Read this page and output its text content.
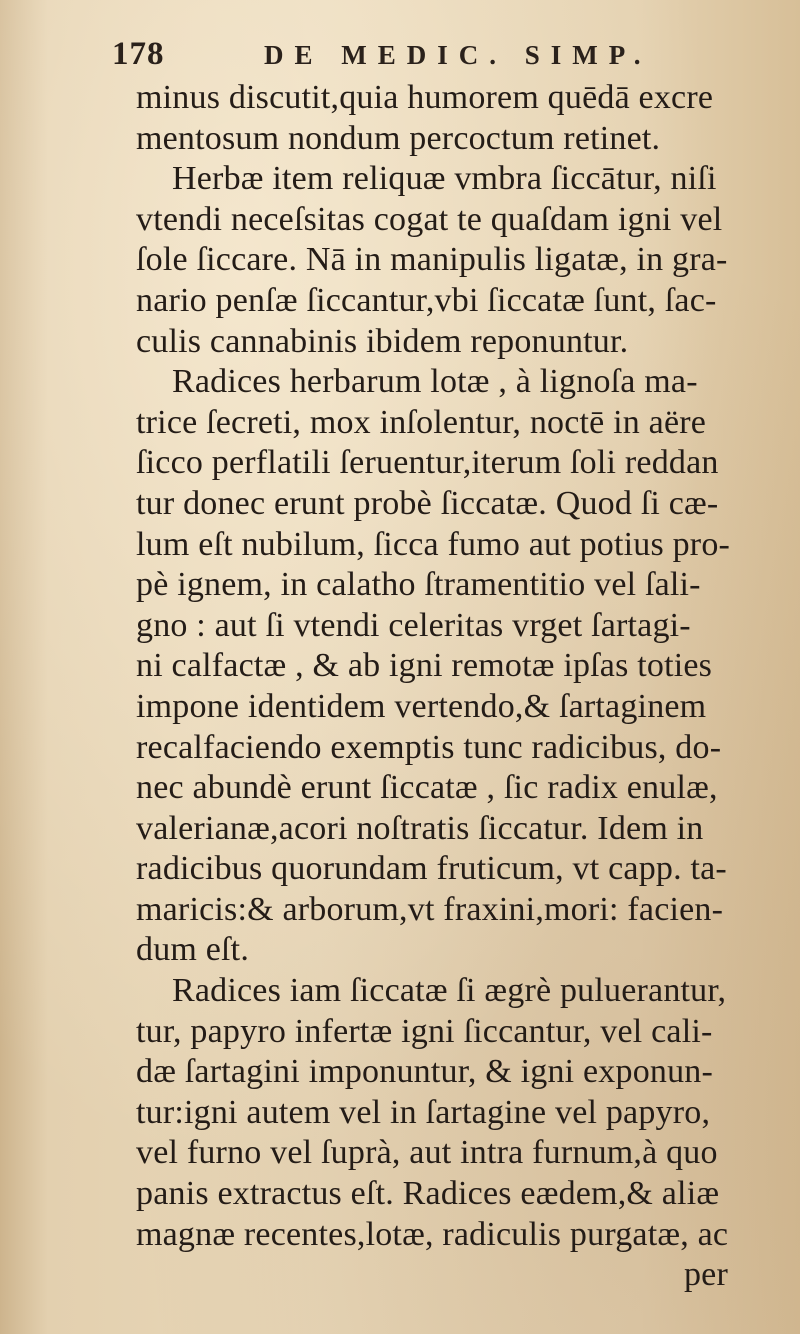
178	DE MEDIC. SIMP.
minus discutit,quia humorem quēdā excre
mentosum nondum percoctum retinet.
Herbæ item reliquæ vmbra ſiccātur, niſi
vtendi neceſsitas cogat te quaſdam igni vel
ſole ſiccare. Nā in manipulis ligatæ, in gra-
nario penſæ ſiccantur,vbi ſiccatæ ſunt, ſac-
culis cannabinis ibidem reponuntur.
Radices herbarum lotæ , à lignoſa ma-
trice ſecreti, mox inſolentur, noctē in aëre
ſicco perflatili ſeruentur,iterum ſoli reddan
tur donec erunt probè ſiccatæ. Quod ſi cæ-
lum eſt nubilum, ſicca fumo aut potius pro-
pè ignem, in calatho ſtramentitio vel ſali-
gno : aut ſi vtendi celeritas vrget ſartagi-
ni calfactæ , & ab igni remotæ ipſas toties
impone identidem vertendo,& ſartaginem
recalfaciendo exemptis tunc radicibus, do-
nec abundè erunt ſiccatæ , ſic radix enulæ,
valerianæ,acori noſtratis ſiccatur. Idem in
radicibus quorundam fruticum, vt capp. ta-
maricis:& arborum,vt fraxini,mori: facien-
dum eſt.
Radices iam ſiccatæ ſi ægrè puluerantur,
tur, papyro infertæ igni ſiccantur, vel cali-
dæ ſartagini imponuntur, & igni exponun-
tur:igni autem vel in ſartagine vel papyro,
vel furno vel ſuprà, aut intra furnum,à quo
panis extractus eſt. Radices eædem,& aliæ
magnæ recentes,lotæ, radiculis purgatæ, ac
per
